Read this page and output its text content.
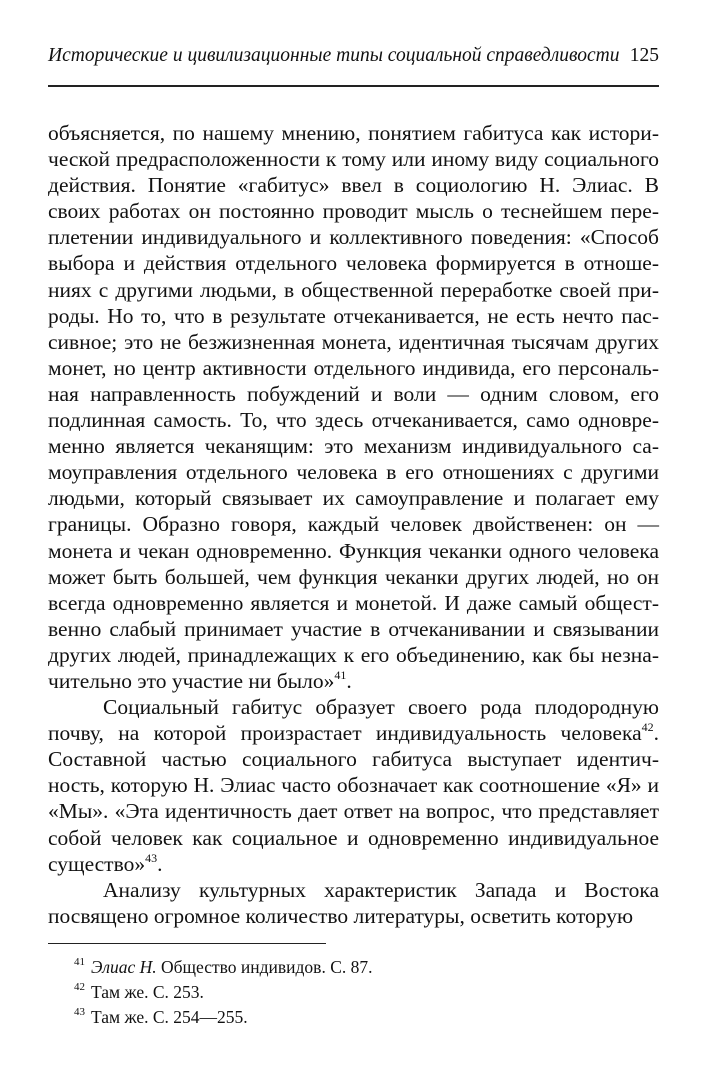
Исторические и цивилизационные типы социальной справедливости 125

объясняется, по нашему мнению, понятием габитуса как исторической предрасположенности к тому или иному виду социального действия. Понятие «габитус» ввел в социологию Н. Элиас. В своих работах он постоянно проводит мысль о теснейшем переплетении индивидуального и коллективного поведения: «Способ выбора и действия отдельного человека формируется в отношениях с другими людьми, в общественной переработке своей природы. Но то, что в результате отчеканивается, не есть нечто пассивное; это не безжизненная монета, идентичная тысячам других монет, но центр активности отдельного индивида, его персональная направленность побуждений и воли — одним словом, его подлинная самость. То, что здесь отчеканивается, само одновременно является чеканящим: это механизм индивидуального самоуправления отдельного человека в его отношениях с другими людьми, который связывает их самоуправление и полагает ему границы. Образно говоря, каждый человек двойственен: он — монета и чекан одновременно. Функция чеканки одного человека может быть большей, чем функция чеканки других людей, но он всегда одновременно является и монетой. И даже самый общественно слабый принимает участие в отчеканивании и связывании других людей, принадлежащих к его объединению, как бы незначительно это участие ни было»$^{41}$.

Социальный габитус образует своего рода плодородную почву, на которой произрастает индивидуальность человека$^{42}$. Составной частью социального габитуса выступает идентичность, которую Н. Элиас часто обозначает как соотношение «Я» и «Мы». «Эта идентичность дает ответ на вопрос, что представляет собой человек как социальное и одновременно индивидуальное существо»$^{43}$.

Анализу культурных характеристик Запада и Востока посвящено огромное количество литературы, осветить которую

$^{41}$ Элиас Н. Общество индивидов. С. 87.
$^{42}$ Там же. С. 253.
$^{43}$ Там же. С. 254—255.
